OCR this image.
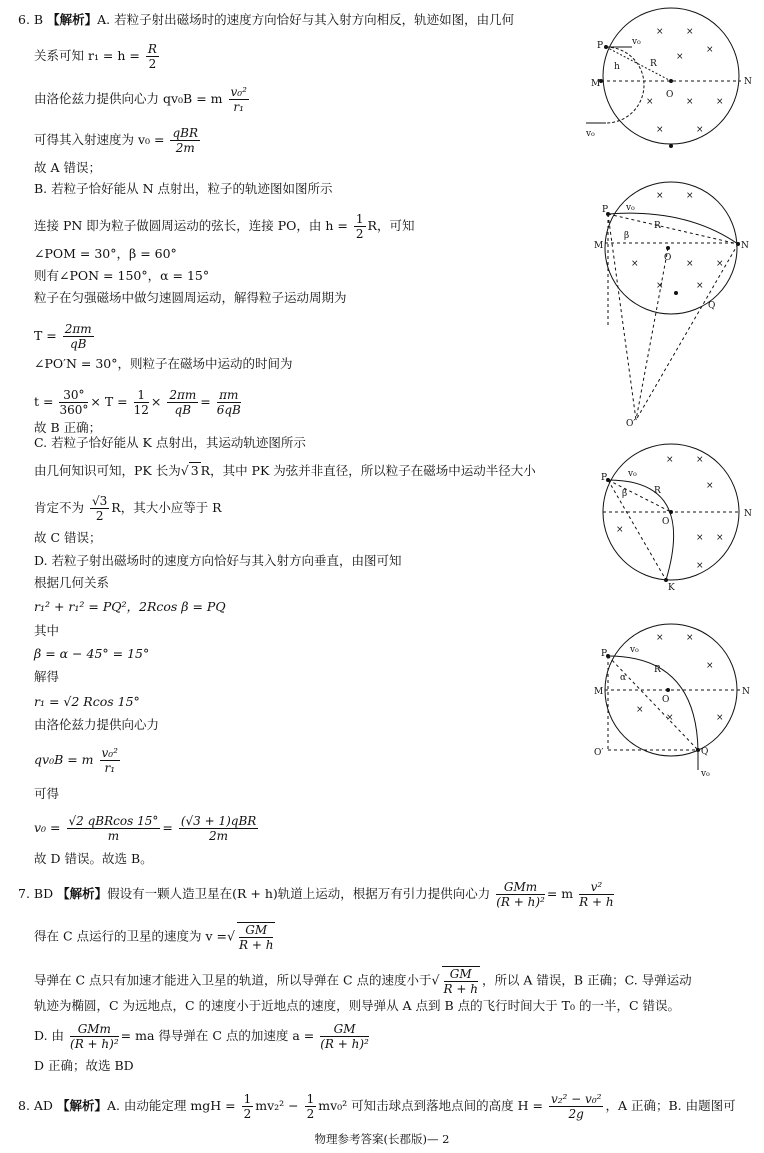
6. B 【解析】A. 若粒子射出磁场时的速度方向恰好与其入射方向相反，轨迹如图，由几何
关系可知 $r_1 = h = \frac{R}{2}$
由洛伦兹力提供向心力 qv₀B = m $\frac{\text{v₀²}}{\text{r₁}}$
可得其入射速度为 $v_0 = \frac{\text{qBR}}{2m}$
故 A 错误；
B. 若粒子恰好能从 N 点射出，粒子的轨迹图如图所示
连接 PN 即为粒子做圆周运动的弦长，连接 PO，由 $h = \frac{1}{2}$ R，可知
∠POM = 30°，β = 60°
则有∠PON = 150°，α = 15°
粒子在匀强磁场中做匀速圆周运动，解得粒子运动周期为
$T = \frac{2\pi m}{qB}$
∠PO′N = 30°，则粒子在磁场中运动的时间为
$t = \frac{30^\circ}{360^\circ} \times T = \frac{1}{12} \times \frac{2\pi m}{qB} = \frac{\pi m}{6qB}$
故 B 正确；
C. 若粒子恰好能从 K 点射出，其运动轨迹图所示
由几何知识可知，PK 长为√ 3 R，其中 PK 为弦并非直径，所以粒子在磁场中运动半径大小
肯定不为 $\frac{√3}{2}$ R，其大小应等于 R
故 C 错误；
D. 若粒子射出磁场时的速度方向恰好与其入射方向垂直，由图可知
根据几何关系
r₁² + r₁² = PQ²，2Rcos β = PQ
其中
β = α − 45° = 15°
解得
r₁ = √2 Rcos 15°
由洛伦兹力提供向心力
qv₀B = m $\frac{\text{v₀²}}{\text{r₁}}$
可得
$v_0 = \frac{\text{√2 qBRcos 15°}}{m} = \frac{\text{(√3 + 1)qBR}}{2m}$
故 D 错误。故选 B。
7. BD 【解析】假设有一颗人造卫星在(R + h)轨道上运动，根据万有引力提供向心力 $\frac{\text{GMm}}{\text{(R + h)²}} = m \frac{\text{v²}}{R + h}$
得在 C 点运行的卫星的速度为 v =√ $\frac{GM}{R + h}$
导弹在 C 点只有加速才能进入卫星的轨道，所以导弹在 C 点的速度小于√ $\frac{GM}{R + h}$ ，所以 A 错误，B 正确；C. 导弹运动
轨迹为椭圆，C 为远地点，C 的速度小于近地点的速度，则导弹从 A 点到 B 点的飞行时间大于 T₀ 的一半，C 错误。
D. 由 $\frac{\text{GMm}}{\text{(R + h)²}}$ = ma 得导弹在 C 点的加速度 $a = \frac{GM}{\text{(R + h)²}}$
D 正确；故选 BD
8. AD 【解析】A. 由动能定理 mgH = $\frac{1}{2} mv_2^2 - \frac{1}{2} mv_0^2$ 可知击球点到落地点间的高度 $H = \frac{\text{v₂² − v₀²}}{2g}$ ，A 正确；B. 由题图可
物理参考答案(长郡版)— 2
P
M	N
O
R
h
v₀
v₀
× ×
×
×
×	× ×
×	×
P
M	N
O
R
v₀
β
Q
O′
× ×
×	× ×
×	×
P
N
O
R
β
K
v₀
× ×
×
×
× ×
×
P
M	N
O
R
α
O′	Q
v₀
v₀
× ×
×
×
×	×
